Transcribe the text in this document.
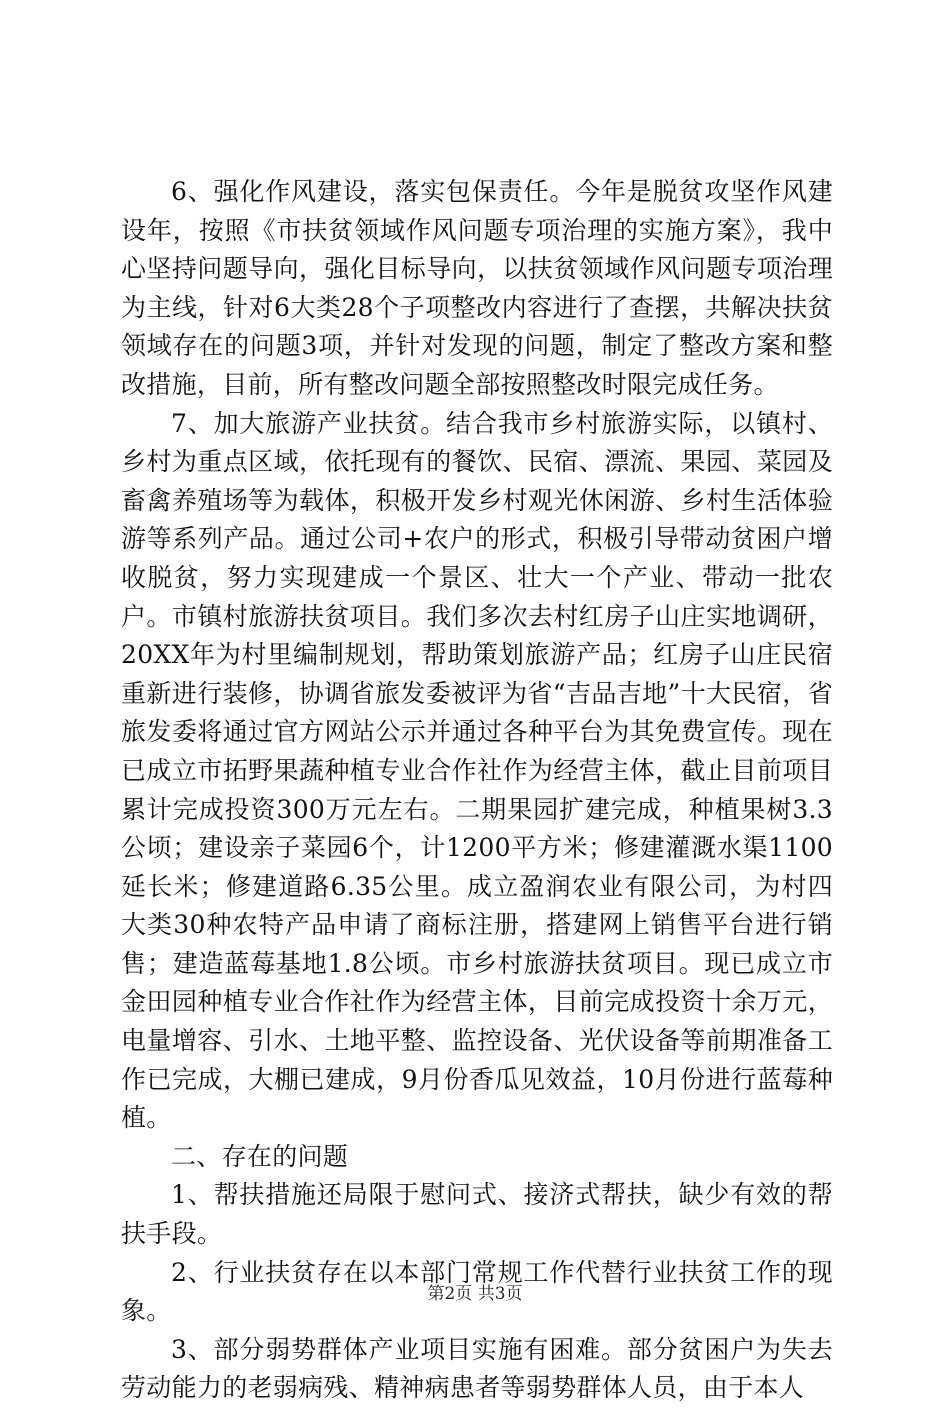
6、强化作风建设，落实包保责任。今年是脱贫攻坚作风建设年，按照《市扶贫领域作风问题专项治理的实施方案》，我中心坚持问题导向，强化目标导向，以扶贫领域作风问题专项治理为主线，针对6大类28个子项整改内容进行了查摆，共解决扶贫领域存在的问题3项，并针对发现的问题，制定了整改方案和整改措施，目前，所有整改问题全部按照整改时限完成任务。

7、加大旅游产业扶贫。结合我市乡村旅游实际，以镇村、乡村为重点区域，依托现有的餐饮、民宿、漂流、果园、菜园及畜禽养殖场等为载体，积极开发乡村观光休闲游、乡村生活体验游等系列产品。通过公司+农户的形式，积极引导带动贫困户增收脱贫，努力实现建成一个景区、壮大一个产业、带动一批农户。市镇村旅游扶贫项目。我们多次去村红房子山庄实地调研，20XX年为村里编制规划，帮助策划旅游产品；红房子山庄民宿重新进行装修，协调省旅发委被评为省“吉品吉地”十大民宿，省旅发委将通过官方网站公示并通过各种平台为其免费宣传。现在已成立市拓野果蔬种植专业合作社作为经营主体，截止目前项目累计完成投资300万元左右。二期果园扩建完成，种植果树3.3公顷；建设亲子菜园6个，计1200平方米；修建灌溉水渠1100延长米；修建道路6.35公里。成立盈润农业有限公司，为村四大类30种农特产品申请了商标注册，搭建网上销售平台进行销售；建造蓝莓基地1.8公顷。市乡村旅游扶贫项目。现已成立市金田园种植专业合作社作为经营主体，目前完成投资十余万元，电量增容、引水、土地平整、监控设备、光伏设备等前期准备工作已完成，大棚已建成，9月份香瓜见效益，10月份进行蓝莓种植。

二、存在的问题

1、帮扶措施还局限于慰问式、接济式帮扶，缺少有效的帮扶手段。

2、行业扶贫存在以本部门常规工作代替行业扶贫工作的现象。

3、部分弱势群体产业项目实施有困难。部分贫困户为失去劳动能力的老弱病残、精神病患者等弱势群体人员，由于本人

第2页 共3页
